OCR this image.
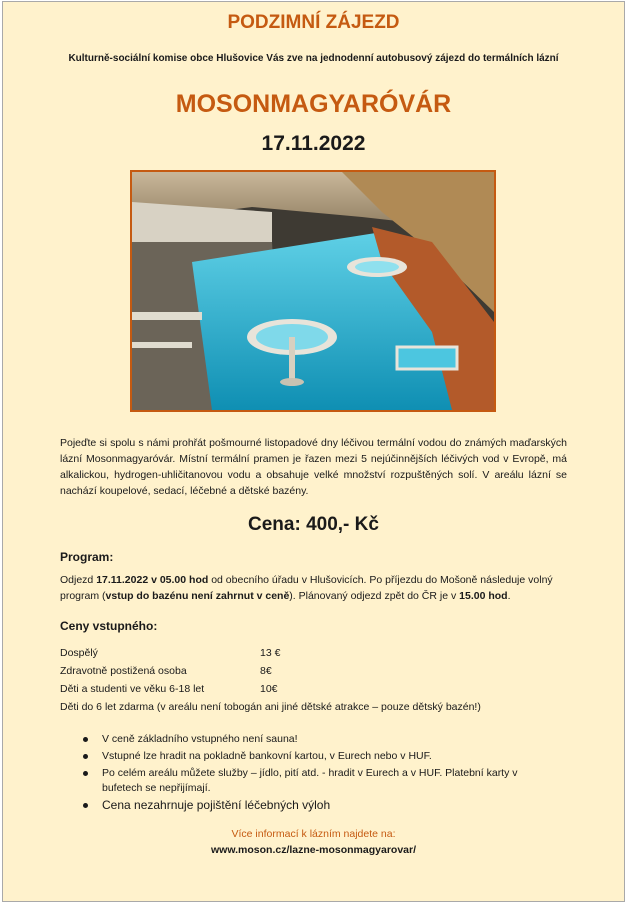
PODZIMNÍ ZÁJEZD
Kulturně-sociální komise obce Hlušovice Vás zve na jednodenní autobusový zájezd do termálních lázní
MOSONMAGYARÓVÁR
17.11.2022
Pojeďte si spolu s námi prohřát pošmourné listopadové dny léčivou termální vodou do známých maďarských lázní Mosonmagyaróvár. Místní termální pramen je řazen mezi 5 nejúčinnějších léčivých vod v Evropě, má alkalickou, hydrogen-uhličitanovou vodu a obsahuje velké množství rozpuštěných solí. V areálu lázní se nachází koupelové, sedací, léčebné a dětské bazény.
Cena: 400,- Kč
Program:
Odjezd 17.11.2022 v 05.00 hod od obecního úřadu v Hlušovicích. Po příjezdu do Mošoně následuje volný program (vstup do bazénu není zahrnut v ceně). Plánovaný odjezd zpět do ČR je v 15.00 hod.
Ceny vstupného:
Dospělý	13 €
Zdravotně postižená osoba	8€
Děti a studenti ve věku 6-18 let	10€
Děti do 6 let zdarma (v areálu není tobogán ani jiné dětské atrakce – pouze dětský bazén!)
V ceně základního vstupného není sauna!
Vstupné lze hradit na pokladně bankovní kartou, v Eurech nebo v HUF.
Po celém areálu můžete služby – jídlo, pití atd. - hradit v Eurech a v HUF. Platební karty v bufetech se nepřijímají.
Cena nezahrnuje pojištění léčebných výloh
Více informací k lázním najdete na:
www.moson.cz/lazne-mosonmagyarovar/
